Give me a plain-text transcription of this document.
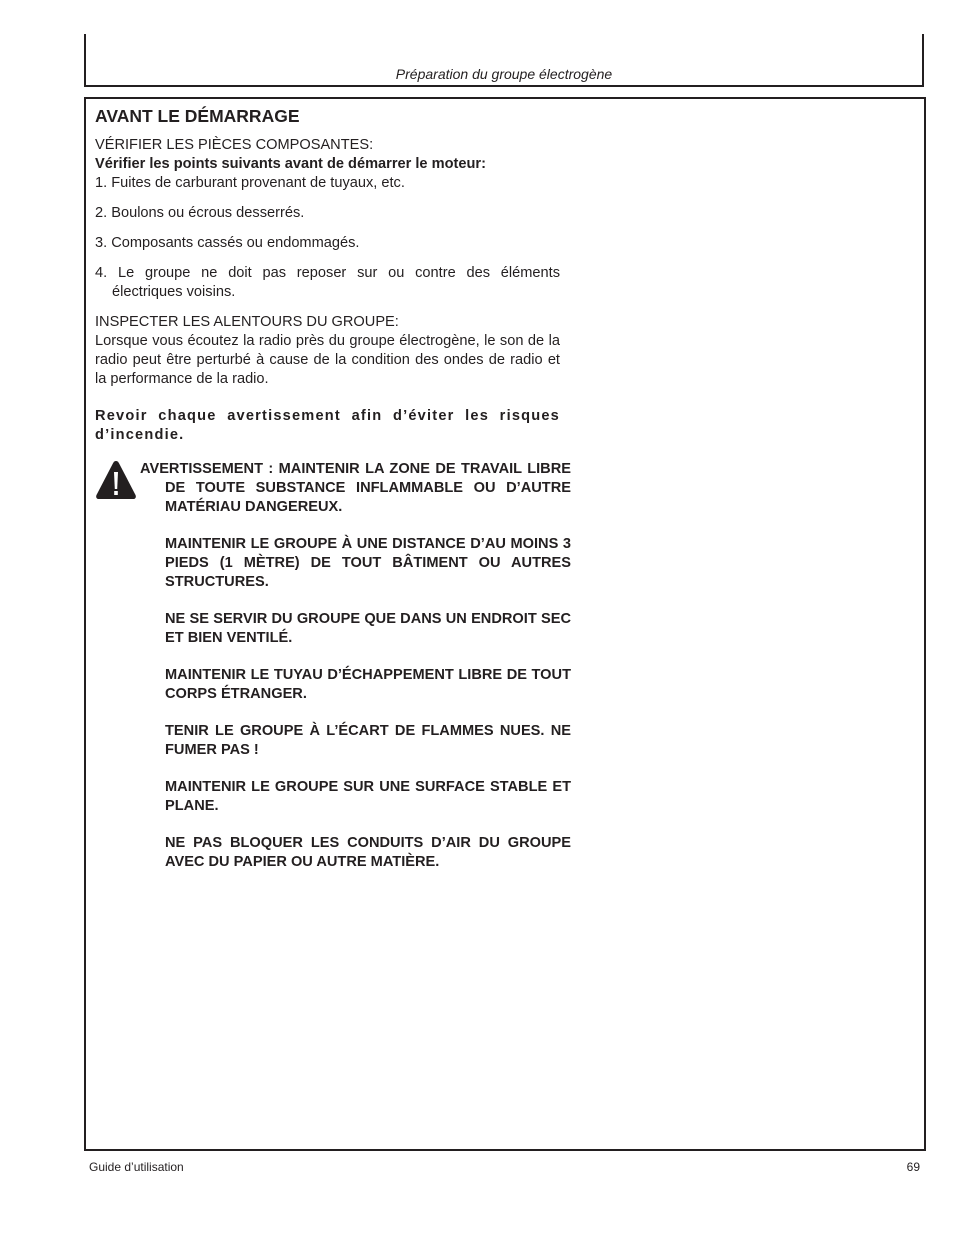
Préparation du groupe électrogène
AVANT LE DÉMARRAGE

VÉRIFIER LES PIÈCES COMPOSANTES:

Vérifier les points suivants avant de démarrer le moteur:

1. Fuites de carburant provenant de tuyaux, etc.
2. Boulons ou écrous desserrés.
3. Composants cassés ou endommagés.
4. Le groupe ne doit pas reposer sur ou contre des éléments électriques voisins.

INSPECTER LES ALENTOURS DU GROUPE:

Lorsque vous écoutez la radio près du groupe électrogène, le son de la radio peut être perturbé à cause de la condition des ondes de radio et la performance de la radio.

Revoir chaque avertissement afin d’éviter les risques d’incendie.

AVERTISSEMENT : MAINTENIR LA ZONE DE TRAVAIL LIBRE DE TOUTE SUBSTANCE INFLAMMABLE OU D’AUTRE MATÉRIAU DANGEREUX.

MAINTENIR LE GROUPE À UNE DISTANCE D’AU MOINS 3 PIEDS (1 MÈTRE) DE TOUT BÂTIMENT OU AUTRES STRUCTURES.

NE SE SERVIR DU GROUPE QUE DANS UN ENDROIT SEC ET BIEN VENTILÉ.

MAINTENIR LE TUYAU D’ÉCHAPPEMENT LIBRE DE TOUT CORPS ÉTRANGER.

TENIR LE GROUPE À L’ÉCART DE FLAMMES NUES. NE FUMER PAS !

MAINTENIR LE GROUPE SUR UNE SURFACE STABLE ET PLANE.

NE PAS BLOQUER LES CONDUITS D’AIR DU GROUPE AVEC DU PAPIER OU AUTRE MATIÈRE.

Guide d’utilisation	69
